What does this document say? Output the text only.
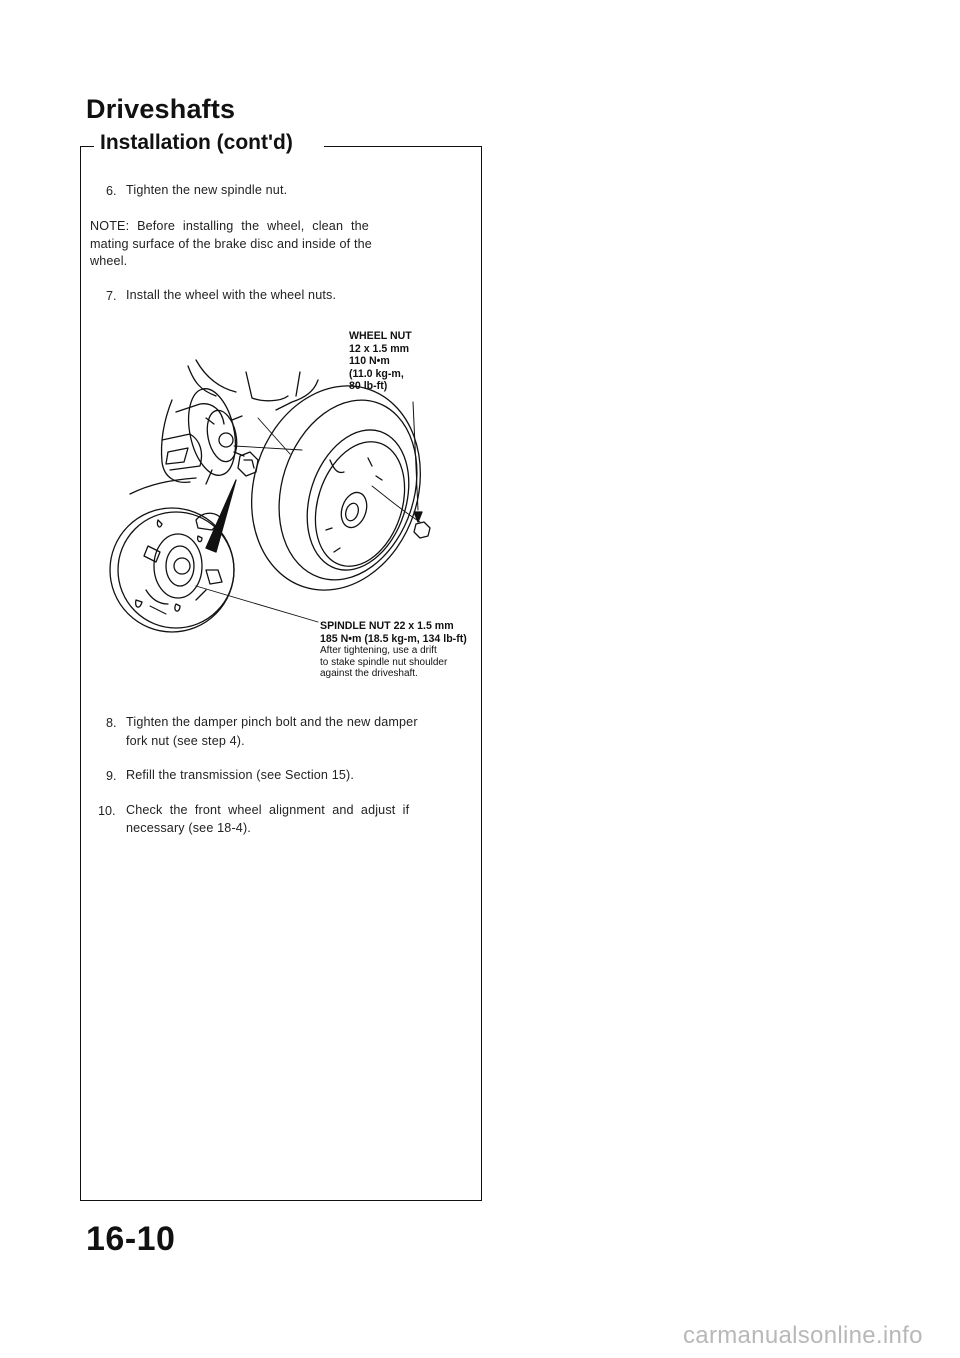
Driveshafts
Installation (cont'd)
6. Tighten the new spindle nut.
NOTE: Before installing the wheel, clean the
mating surface of the brake disc and inside of the
wheel.
7. Install the wheel with the wheel nuts.
WHEEL NUT
12 x 1.5 mm
110 N•m
(11.0 kg-m,
80 lb-ft)
SPINDLE NUT 22 x 1.5 mm
185 N•m (18.5 kg-m, 134 lb-ft)
After tightening, use a drift
to stake spindle nut shoulder
against the driveshaft.
8. Tighten the damper pinch bolt and the new damper
fork nut (see step 4).
9. Refill the transmission (see Section 15).
10. Check the front wheel alignment and adjust if
necessary (see 18-4).
16-10
carmanualsonline.info
